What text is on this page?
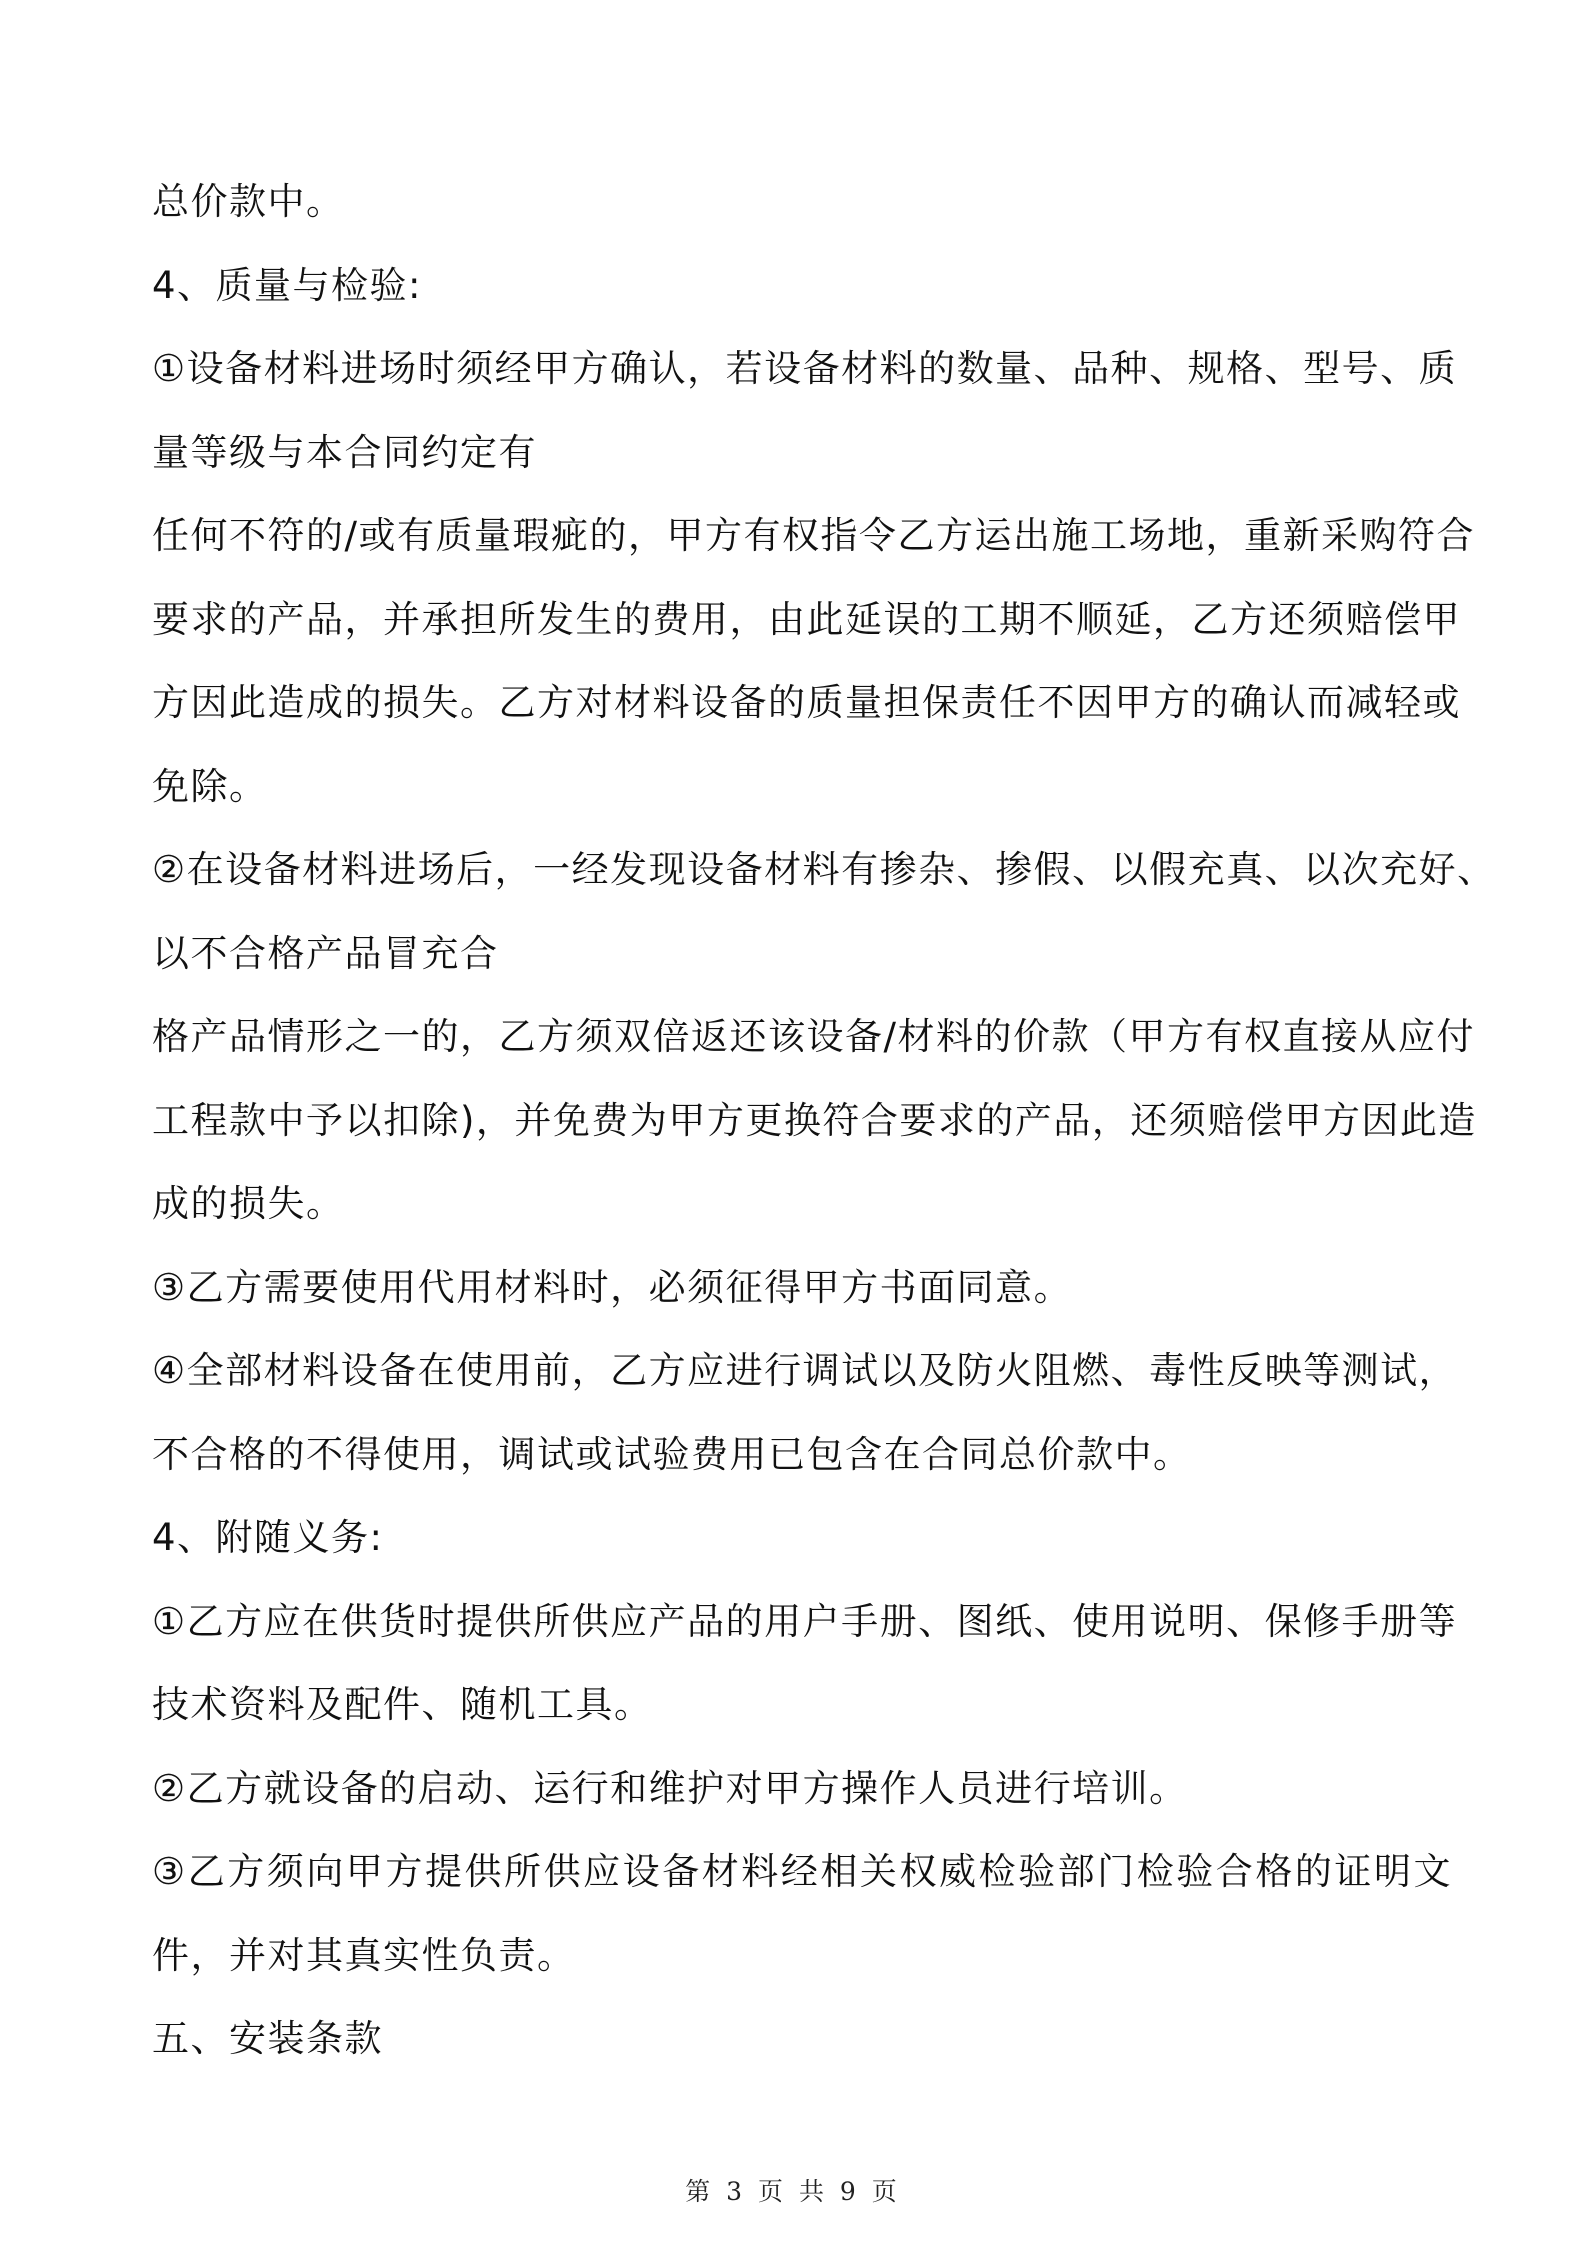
总价款中。
4、质量与检验:
①设备材料进场时须经甲方确认，若设备材料的数量、品种、规格、型号、质
量等级与本合同约定有
任何不符的/或有质量瑕疵的，甲方有权指令乙方运出施工场地，重新采购符合
要求的产品，并承担所发生的费用，由此延误的工期不顺延，乙方还须赔偿甲
方因此造成的损失。乙方对材料设备的质量担保责任不因甲方的确认而减轻或
免除。
②在设备材料进场后，一经发现设备材料有掺杂、掺假、以假充真、以次充好、
以不合格产品冒充合
格产品情形之一的，乙方须双倍返还该设备/材料的价款（甲方有权直接从应付
工程款中予以扣除)，并免费为甲方更换符合要求的产品，还须赔偿甲方因此造
成的损失。
③乙方需要使用代用材料时，必须征得甲方书面同意。
④全部材料设备在使用前，乙方应进行调试以及防火阻燃、毒性反映等测试，
不合格的不得使用，调试或试验费用已包含在合同总价款中。
4、附随义务:
①乙方应在供货时提供所供应产品的用户手册、图纸、使用说明、保修手册等
技术资料及配件、随机工具。
②乙方就设备的启动、运行和维护对甲方操作人员进行培训。
③乙方须向甲方提供所供应设备材料经相关权威检验部门检验合格的证明文
件，并对其真实性负责。
五、安装条款
第 3 页 共 9 页
